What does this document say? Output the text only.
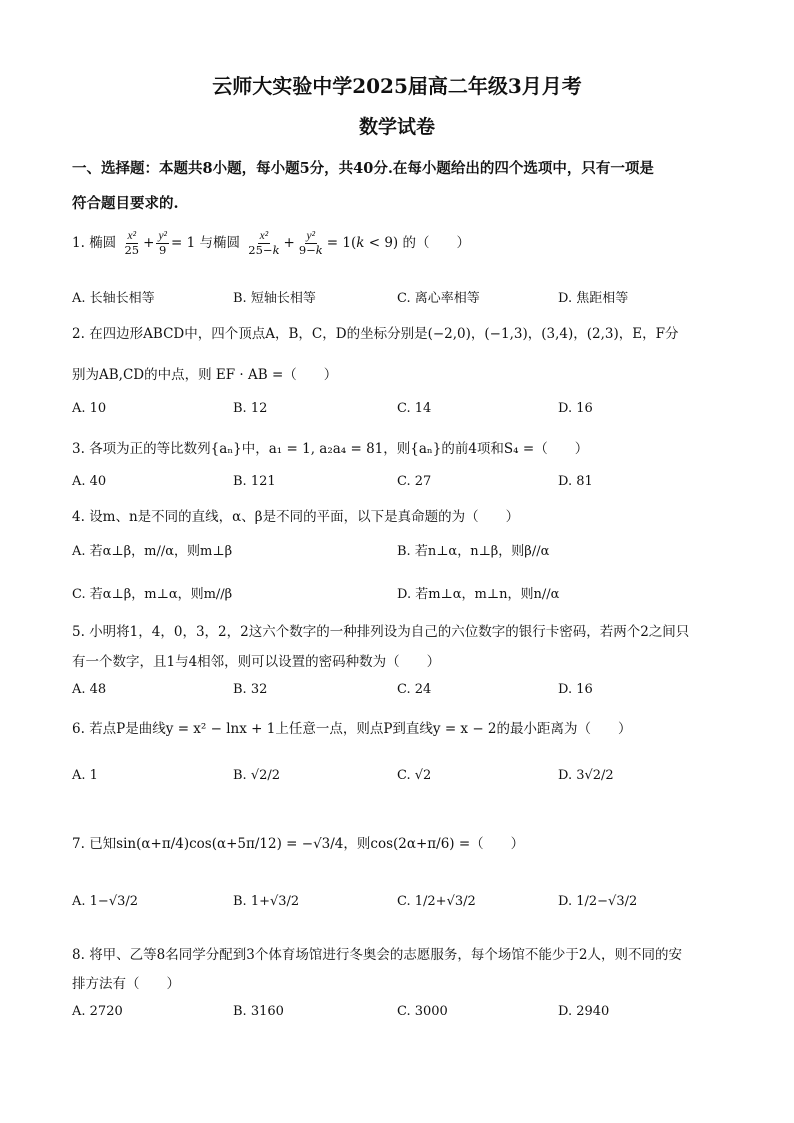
云师大实验中学2025届高二年级3月月考
数学试卷
一、选择题：本题共8小题，每小题5分，共40分.在每小题给出的四个选项中，只有一项是
符合题目要求的.
1. 椭圆 $\frac{\text{x²}}{25} + \frac{\text{y²}}{9} = 1$ 与椭圆 $\frac{\text{x²}}{25-k} + \frac{\text{y²}}{9-k} = 1(k < 9)$ 的（　　）
A. 长轴长相等	B. 短轴长相等	C. 离心率相等	D. 焦距相等
2. 在四边形ABCD中，四个顶点A，B，C，D的坐标分别是(−2,0)，(−1,3)，(3,4)，(2,3)，E，F分
别为AB,CD的中点，则 EF · AB =（　　）
A. 10	B. 12	C. 14	D. 16
3. 各项为正的等比数列{aₙ}中，a₁ = 1, a₂a₄ = 81，则{aₙ}的前4项和S₄ =（　　）
A. 40	B. 121	C. 27	D. 81
4. 设m、n是不同的直线，α、β是不同的平面，以下是真命题的为（　　）
A. 若α⊥β，m//α，则m⊥β	B. 若n⊥α，n⊥β，则β//α
C. 若α⊥β，m⊥α，则m//β	D. 若m⊥α，m⊥n，则n//α
5. 小明将1，4，0，3，2，2这六个数字的一种排列设为自己的六位数字的银行卡密码，若两个2之间只
有一个数字，且1与4相邻，则可以设置的密码种数为（　　）
A. 48	B. 32	C. 24	D. 16
6. 若点P是曲线y = x² − lnx + 1上任意一点，则点P到直线y = x − 2的最小距离为（　　）
A. 1	B. √2/2	C. √2	D. 3√2/2
7. 已知sin(α+π/4)cos(α+5π/12) = −√3/4，则cos(2α+π/6) =（　　）
A. 1−√3/2	B. 1+√3/2	C. 1/2+√3/2	D. 1/2−√3/2
8. 将甲、乙等8名同学分配到3个体育场馆进行冬奥会的志愿服务，每个场馆不能少于2人，则不同的安
排方法有（　　）
A. 2720	B. 3160	C. 3000	D. 2940
